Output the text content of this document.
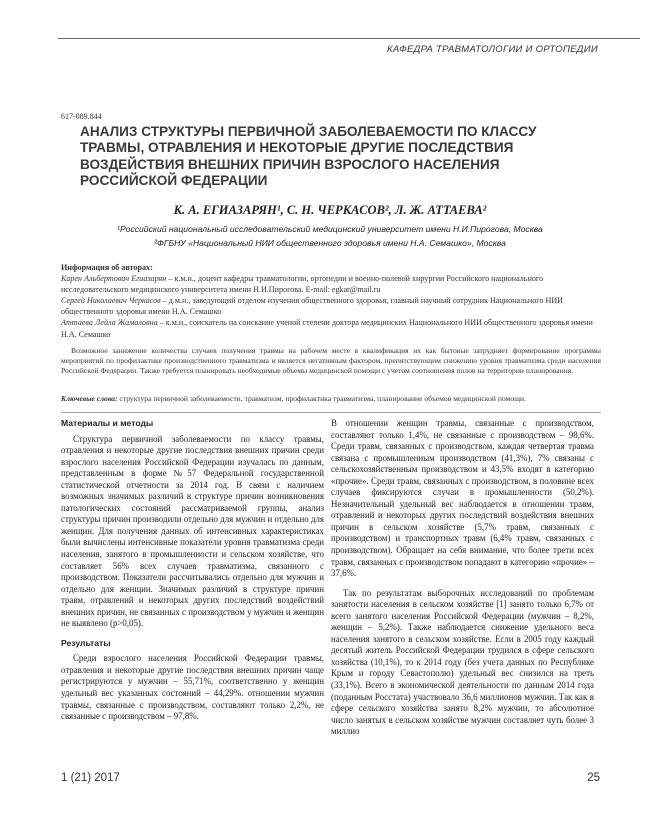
КАФЕДРА ТРАВМАТОЛОГИИ И ОРТОПЕДИИ
617-089.844
АНАЛИЗ СТРУКТУРЫ ПЕРВИЧНОЙ ЗАБОЛЕВАЕМОСТИ ПО КЛАССУ ТРАВМЫ, ОТРАВЛЕНИЯ И НЕКОТОРЫЕ ДРУГИЕ ПОСЛЕДСТВИЯ ВОЗДЕЙСТВИЯ ВНЕШНИХ ПРИЧИН ВЗРОСЛОГО НАСЕЛЕНИЯ РОССИЙСКОЙ ФЕДЕРАЦИИ
К. А. ЕГИАЗАРЯН¹, С. Н. ЧЕРКАСОВ², Л. Ж. АТТАЕВА²
¹Российский национальный исследовательский медицинский университет имени Н.И.Пирогова, Москва
²ФГБНУ «Национальный НИИ общественного здоровья имени Н.А. Семашко», Москва

Информация об авторах:

Карен Альбертович Егиазарян – к.м.н., доцент кафедры травматологии, ортопедии и военно-полевой хирургии Российского национального исследовательского медицинского университета имени Н.И.Пирогова. E-mail: egkar@mail.ru

Сергей Николаевич Черкасов – д.м.н., заведующий отделом изучения общественного здоровья, главный научный сотрудник Национального НИИ общественного здоровья имени Н.А. Семашко

Аттаева Лейла Жамаловна – к.м.н., соискатель на соискание ученой степени доктора медицинских Национального НИИ общественного здоровья имени Н.А. Семашко

Возможное занижение количества случаев получения травмы на рабочем месте в квалификация их как бытовые затрудняет формирование программы мероприятий по профилактике производственного травматизма и является негативным фактором, препятствующим снижению уровня травматизма среди населения Российской Федерации. Также требуется планировать необходимые объемы медицинской помощи с учетом соотношения полов на территории планирования.

Ключевые слова: структура первичной заболеваемости, травматизм, профилактика травматизма, планирование объемов медицинской помощи.

Материалы и методы

Структура первичной заболеваемости по классу травмы, отравления и некоторые другие последствия внешних причин среди взрослого населения Российской Федерации изучалась по данным, представленным в форме №57 Федеральной государственной статистической отчетности за 2014 год. В связи с наличием возможных значимых различий в структуре причин возникновения патологических состояний рассматриваемой группы, анализ структуры причин производили отдельно для мужчин и отдельно для женщин. Для получения данных об интенсивных характеристиках были вычислены интенсивные показатели уровня травматизма среди населения, занятого в промышленности и сельском хозяйстве, что составляет 56% всех случаев травматизма, связанного с производством. Показатели рассчитывались отдельно для мужчин и отдельно для женщин. Значимых различий в структуре причин травм, отравлений и некоторых других последствий воздействий внешних причин, не связанных с производством у мужчин и женщин не выявлено (р>0,05).

Результаты

Среди взрослого населения Российской Федерации травмы, отравления и некоторые другие последствия внешних причин чаще регистрируются у мужчин – 55,71%, соответственно у женщин удельный вес указанных состояний – 44,29%. отношении мужчин травмы, связанные с производством, составляют только 2,2%, не связанные с производством – 97,8%.

В отношении женщин травмы, связанные с производством, составляют только 1,4%, не связанные с производством – 98,6%. Среди травм, связанных с производством, каждая четвертая травма связана с промышленным производством (41,3%), 7% связаны с сельскохозяйственным производством и 43,5% входят в категорию «прочие». Среди травм, связанных с производством, в половине всех случаев фиксируются случаи в промышленности (50,2%). Незначительный удельный вес наблюдается в отношении травм, отравлений и некоторых других последствий воздействия внешних причин в сельском хозяйстве (5,7% травм, связанных с производством) и транспортных травм (6,4% травм, связанных с производством). Обращает на себя внимание, что более трети всех травм, связанных с производством попадают в категорию «прочие» – 37,6%.

Так по результатам выборочных исследований по проблемам занятости населения в сельском хозяйстве [1] занято только 6,7% от всего занятого населения Российской Федерации (мужчин – 8,2%, женщин – 5,2%). Также наблюдается снижение удельного веса населения занятого в сельском хозяйстве. Если в 2005 году каждый десятый житель Российской Федерации трудился в сфере сельского хозяйства (10,1%), то к 2014 году (без учета данных по Республике Крым и городу Севастополю) удельный вес снизился на треть (33,1%). Всего в экономической деятельности по данным 2014 года (поданным Росстата) участвовало 36,6 миллионов мужчин. Так как в сфере сельского хозяйства занято 8,2% мужчин, то абсолютное число занятых в сельском хозяйстве мужчин составляет чуть более 3 миллио

1 (21) 2017	25
